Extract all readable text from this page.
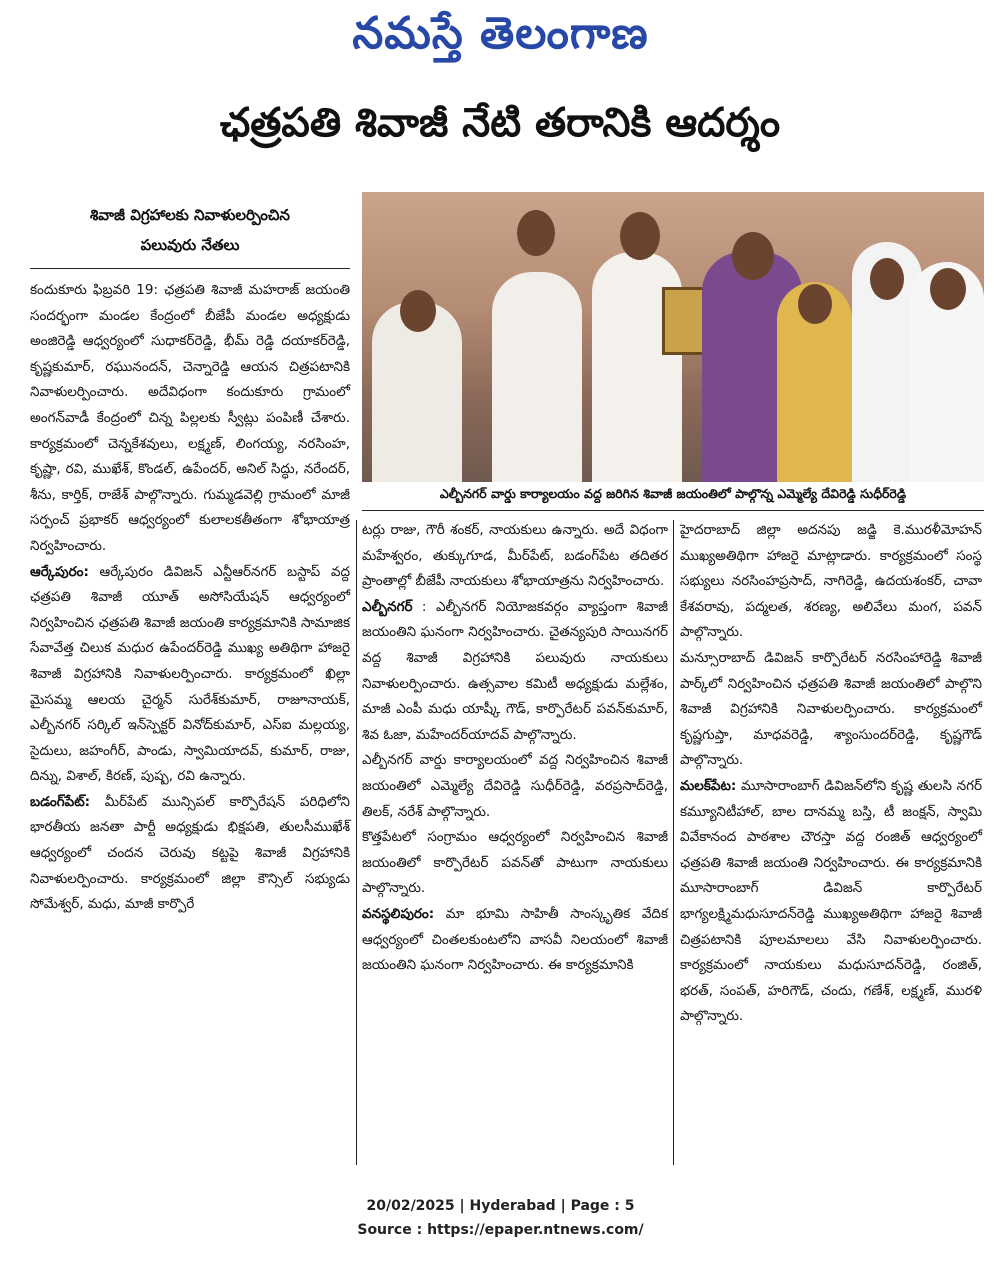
నమస్తే తెలంగాణ
ఛత్రపతి శివాజీ నేటి తరానికి ఆదర్శం
శివాజీ విగ్రహాలకు నివాళులర్పించిన
పలువురు నేతలు
ఎల్బీనగర్ వార్డు కార్యాలయం వద్ద జరిగిన శివాజీ జయంతిలో పాల్గొన్న ఎమ్మెల్యే దేవిరెడ్డి సుధీర్‌రెడ్డి

కందుకూరు ఫిబ్రవరి 19: ఛత్రపతి శివాజీ మహరాజ్ జయంతి సందర్భంగా మండల కేంద్రంలో బీజేపీ మండల అధ్యక్షుడు అంజిరెడ్డి ఆధ్వర్యంలో సుధాకర్‌రెడ్డి, భీమ్ రెడ్డి దయాకర్‌రెడ్డి, కృష్ణకుమార్, రఘునందన్, చెన్నారెడ్డి ఆయన చిత్రపటానికి నివాళులర్పించారు. అదేవిధంగా కందుకూరు గ్రామంలో అంగన్‌వాడీ కేంద్రంలో చిన్న పిల్లలకు స్వీట్లు పంపిణీ చేశారు. కార్యక్రమంలో చెన్నకేశవులు, లక్ష్మణ్, లింగయ్య, నరసింహ, కృష్ణా, రవి, ముఖేశ్, కొండల్, ఉపేందర్, అనిల్ సిద్ధు, నరేందర్, శీను, కార్తిక్, రాజేశ్ పాల్గొన్నారు. గుమ్మడవెల్లి గ్రామంలో మాజీ సర్పంచ్ ప్రభాకర్ ఆధ్వర్యంలో కులాలకతీతంగా శోభాయాత్ర నిర్వహించారు.

ఆర్కేపురం: ఆర్కేపురం డివిజన్ ఎన్టీఆర్‌నగర్ బస్టాప్ వద్ద ఛత్రపతి శివాజీ యూత్ అసోసియేషన్ ఆధ్వర్యంలో నిర్వహించిన ఛత్రపతి శివాజీ జయంతి కార్యక్రమానికి సామాజిక సేవావేత్త చిలుక మధుర ఉపేందర్‌రెడ్డి ముఖ్య అతిథిగా హాజరై శివాజీ విగ్రహానికి నివాళులర్పించారు. కార్యక్రమంలో ఖిల్లా మైసమ్మ ఆలయ చైర్మన్ సురేశ్‌కుమార్, రాజూనాయక్, ఎల్బీనగర్ సర్కిల్ ఇన్‌స్పెక్టర్ వినోద్‌కుమార్, ఎస్ఐ మల్లయ్య, సైదులు, జహంగీర్, పాండు, స్వామియాదవ్, కుమార్, రాజు, దిన్ను, విశాల్, కిరణ్, పుష్ప, రవి ఉన్నారు.

బడంగ్‌పేట్: మీర్‌పేట్ మున్సిపల్ కార్పొరేషన్ పరిధిలోని భారతీయ జనతా పార్టీ అధ్యక్షుడు భిక్షపతి, తులసీముఖేశ్ ఆధ్వర్యంలో చందన చెరువు కట్టపై శివాజీ విగ్రహానికి నివాళులర్పించారు. కార్యక్రమంలో జిల్లా కౌన్సిల్ సభ్యుడు సోమేశ్వర్, మధు, మాజీ కార్పొరే

టర్లు రాజు, గౌరీ శంకర్, నాయకులు ఉన్నారు. అదే విధంగా మహేశ్వరం, తుక్కుగూడ, మీర్‌పేట్, బడంగ్‌పేట తదితర ప్రాంతాల్లో బీజేపీ నాయకులు శోభాయాత్రను నిర్వహించారు.

ఎల్బీనగర్ : ఎల్బీనగర్ నియోజకవర్గం వ్యాప్తంగా శివాజీ జయంతిని ఘనంగా నిర్వహించారు. చైతన్యపురి సాయినగర్ వద్ద శివాజీ విగ్రహానికి పలువురు నాయకులు నివాళులర్పించారు. ఉత్సవాల కమిటీ అధ్యక్షుడు మల్లేశం, మాజీ ఎంపీ మధు యాష్కీ గౌడ్, కార్పొరేటర్ పవన్‌కుమార్, శివ ఓజా, మహేందర్‌యాదవ్ పాల్గొన్నారు.

ఎల్బీనగర్ వార్డు కార్యాలయంలో వద్ద నిర్వహించిన శివాజీ జయంతిలో ఎమ్మెల్యే దేవిరెడ్డి సుధీర్‌రెడ్డి, వరప్రసాద్‌రెడ్డి, తిలక్, నరేశ్ పాల్గొన్నారు.

కొత్తపేటలో సంగ్రామం ఆధ్వర్యంలో నిర్వహించిన శివాజీ జయంతిలో కార్పొరేటర్ పవన్‌తో పాటుగా నాయకులు పాల్గొన్నారు.

వనస్థలిపురం: మా భూమి సాహితీ సాంస్కృతిక వేదిక ఆధ్వర్యంలో చింతలకుంటలోని వాసవీ నిలయంలో శివాజీ జయంతిని ఘనంగా నిర్వహించారు. ఈ కార్యక్రమానికి

హైదరాబాద్ జిల్లా అదనపు జడ్జి కె.మురళీమోహన్ ముఖ్యఅతిథిగా హాజరై మాట్లాడారు. కార్యక్రమంలో సంస్థ సభ్యులు నరసింహప్రసాద్, నాగిరెడ్డి, ఉదయశంకర్, చావా కేశవరావు, పద్మలత, శరణ్య, అలివేలు మంగ, పవన్ పాల్గొన్నారు.

మన్సూరాబాద్ డివిజన్ కార్పొరేటర్ నరసింహారెడ్డి శివాజీ పార్క్‌లో నిర్వహించిన ఛత్రపతి శివాజీ జయంతిలో పాల్గొని శివాజీ విగ్రహానికి నివాళులర్పించారు. కార్యక్రమంలో కృష్ణగుప్తా, మాధవరెడ్డి, శ్యాంసుందర్‌రెడ్డి, కృష్ణగౌడ్ పాల్గొన్నారు.

మలక్‌పేట: మూసారాంబాగ్ డివిజన్‌లోని కృష్ణ తులసి నగర్ కమ్యూనిటీహాల్, బాల దానమ్మ బస్తి, టీ జంక్షన్, స్వామి వివేకానంద పాఠశాల చౌరస్తా వద్ద రంజిత్ ఆధ్వర్యంలో ఛత్రపతి శివాజీ జయంతి నిర్వహించారు. ఈ కార్యక్రమానికి మూసారాంబాగ్ డివిజన్ కార్పొరేటర్ భాగ్యలక్ష్మిమధుసూదన్‌రెడ్డి ముఖ్యఅతిథిగా హాజరై శివాజీ చిత్రపటానికి పూలమాలలు వేసి నివాళులర్పించారు. కార్యక్రమంలో నాయకులు మధుసూదన్‌రెడ్డి, రంజిత్, భరత్, సంపత్, హరిగౌడ్, చందు, గణేశ్, లక్ష్మణ్, మురళి పాల్గొన్నారు.

20/02/2025 | Hyderabad | Page : 5
Source : https://epaper.ntnews.com/
